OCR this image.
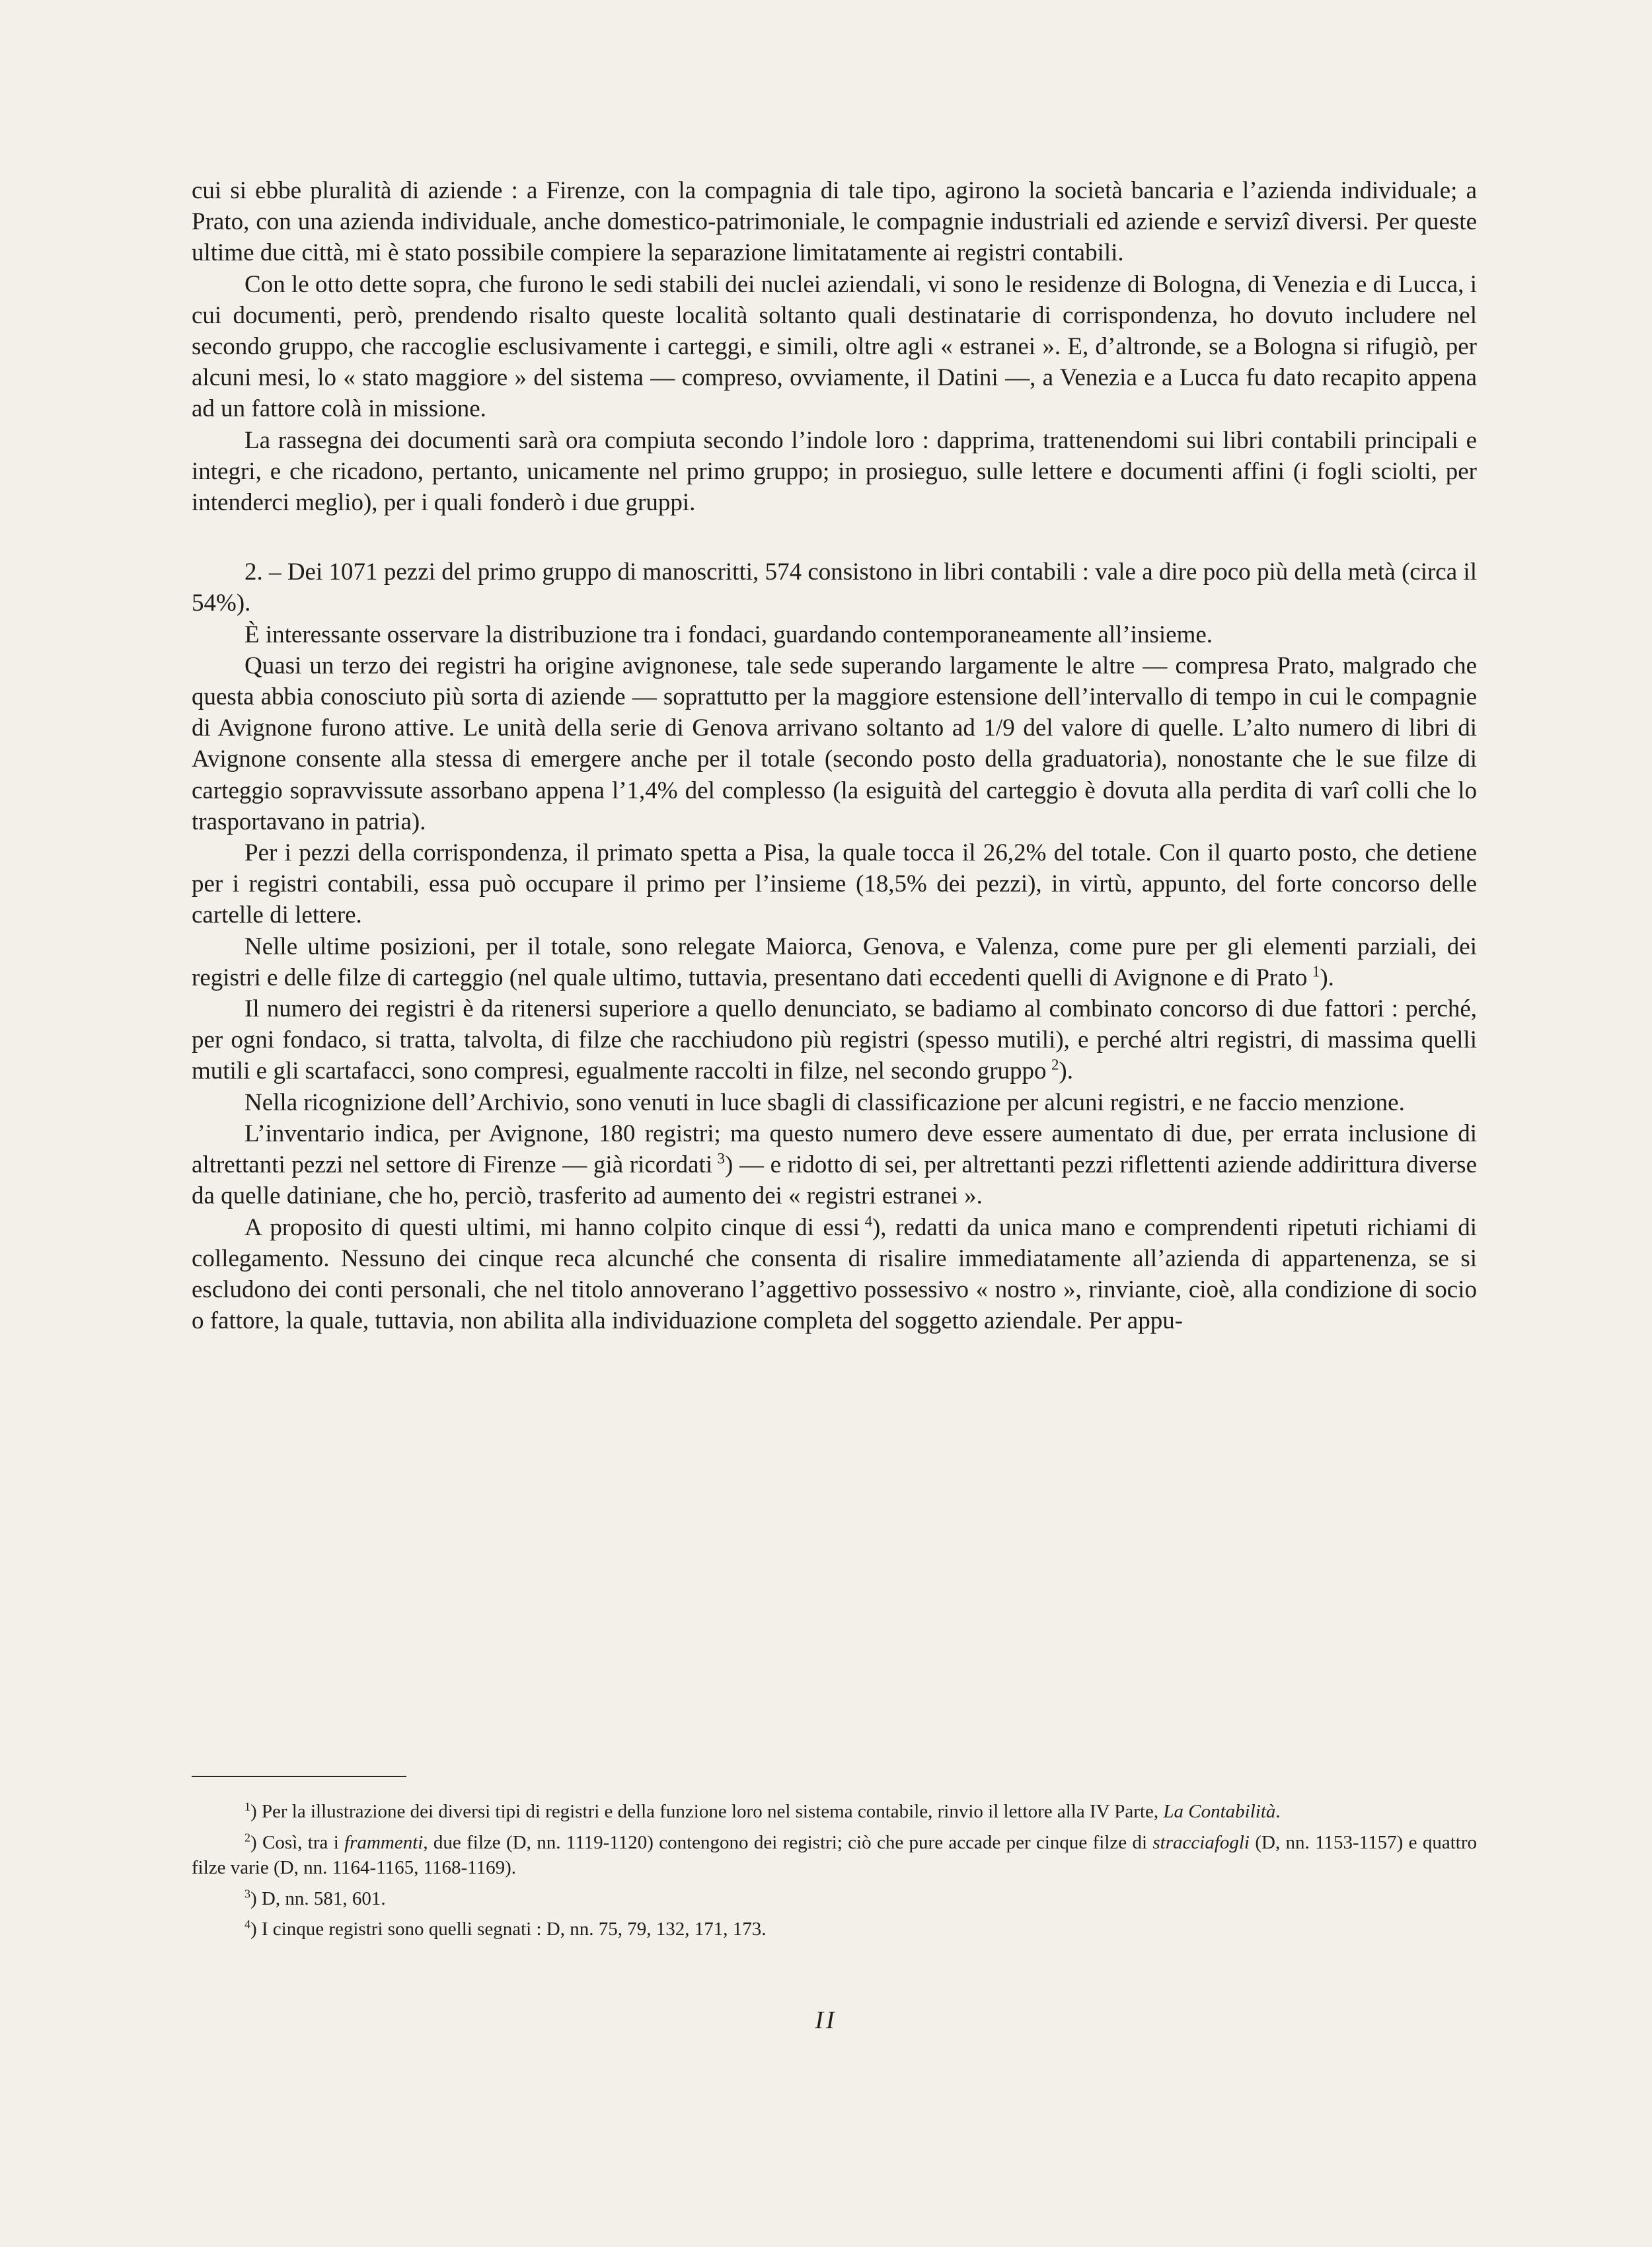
cui si ebbe pluralità di aziende : a Firenze, con la compagnia di tale tipo, agirono la società bancaria e l’azienda individuale; a Prato, con una azienda individuale, anche domestico-patrimoniale, le compagnie industriali ed aziende e servizî diversi. Per queste ultime due città, mi è stato possibile compiere la separazione limitatamente ai registri contabili.

Con le otto dette sopra, che furono le sedi stabili dei nuclei aziendali, vi sono le residenze di Bologna, di Venezia e di Lucca, i cui documenti, però, prendendo risalto queste località soltanto quali destinatarie di corrispondenza, ho dovuto includere nel secondo gruppo, che raccoglie esclusivamente i carteggi, e simili, oltre agli « estranei ». E, d’altronde, se a Bologna si rifugiò, per alcuni mesi, lo « stato maggiore » del sistema — compreso, ovviamente, il Datini —, a Venezia e a Lucca fu dato recapito appena ad un fattore colà in missione.

La rassegna dei documenti sarà ora compiuta secondo l’indole loro : dapprima, trattenendomi sui libri contabili principali e integri, e che ricadono, pertanto, unicamente nel primo gruppo; in prosieguo, sulle lettere e documenti affini (i fogli sciolti, per intenderci meglio), per i quali fonderò i due gruppi.

2. – Dei 1071 pezzi del primo gruppo di manoscritti, 574 consistono in libri contabili : vale a dire poco più della metà (circa il 54%).

È interessante osservare la distribuzione tra i fondaci, guardando contemporaneamente all’insieme.

Quasi un terzo dei registri ha origine avignonese, tale sede superando largamente le altre — compresa Prato, malgrado che questa abbia conosciuto più sorta di aziende — soprattutto per la maggiore estensione dell’intervallo di tempo in cui le compagnie di Avignone furono attive. Le unità della serie di Genova arrivano soltanto ad 1/9 del valore di quelle. L’alto numero di libri di Avignone consente alla stessa di emergere anche per il totale (secondo posto della graduatoria), nonostante che le sue filze di carteggio sopravvissute assorbano appena l’1,4% del complesso (la esiguità del carteggio è dovuta alla perdita di varî colli che lo trasportavano in patria).

Per i pezzi della corrispondenza, il primato spetta a Pisa, la quale tocca il 26,2% del totale. Con il quarto posto, che detiene per i registri contabili, essa può occupare il primo per l’insieme (18,5% dei pezzi), in virtù, appunto, del forte concorso delle cartelle di lettere.

Nelle ultime posizioni, per il totale, sono relegate Maiorca, Genova, e Valenza, come pure per gli elementi parziali, dei registri e delle filze di carteggio (nel quale ultimo, tuttavia, presentano dati eccedenti quelli di Avignone e di Prato  $^1$).

Il numero dei registri è da ritenersi superiore a quello denunciato, se badiamo al combinato concorso di due fattori : perché, per ogni fondaco, si tratta, talvolta, di filze che racchiudono più registri (spesso mutili), e perché altri registri, di massima quelli mutili e gli scartafacci, sono compresi, egualmente raccolti in filze, nel secondo gruppo  $^2$).

Nella ricognizione dell’Archivio, sono venuti in luce sbagli di classificazione per alcuni registri, e ne faccio menzione.

L’inventario indica, per Avignone, 180 registri; ma questo numero deve essere aumentato di due, per errata inclusione di altrettanti pezzi nel settore di Firenze — già ricordati  $^3$) — e ridotto di sei, per altrettanti pezzi riflettenti aziende addirittura diverse da quelle datiniane, che ho, perciò, trasferito ad aumento dei « registri estranei ».

A proposito di questi ultimi, mi hanno colpito cinque di essi  $^4$), redatti da unica mano e comprendenti ripetuti richiami di collegamento. Nessuno dei cinque reca alcunché che consenta di risalire immediatamente all’azienda di appartenenza, se si escludono dei conti personali, che nel titolo annoverano l’aggettivo possessivo « nostro », rinviante, cioè, alla condizione di socio o fattore, la quale, tuttavia, non abilita alla individuazione completa del soggetto aziendale. Per appu-

$^1$) Per la illustrazione dei diversi tipi di registri e della funzione loro nel sistema contabile, rinvio il lettore alla IV Parte, La Contabilità.

$^2$) Così, tra i frammenti, due filze (D, nn. 1119-1120) contengono dei registri; ciò che pure accade per cinque filze di stracciafogli (D, nn. 1153-1157) e quattro filze varie (D, nn. 1164-1165, 1168-1169).

$^3$) D, nn. 581, 601.

$^4$) I cinque registri sono quelli segnati : D, nn. 75, 79, 132, 171, 173.

II
